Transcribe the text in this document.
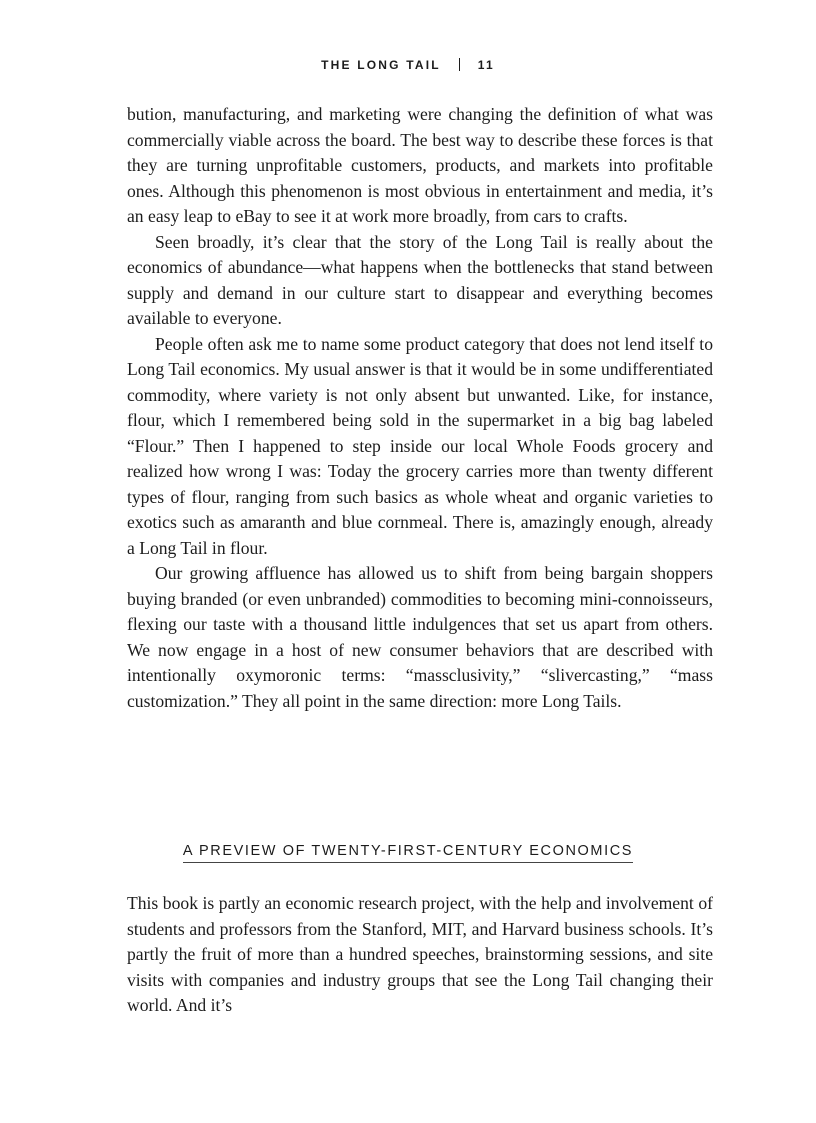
THE LONG TAIL	11

bution, manufacturing, and marketing were changing the definition of what was commercially viable across the board. The best way to describe these forces is that they are turning unprofitable customers, products, and markets into profitable ones. Although this phenomenon is most obvious in entertainment and media, it’s an easy leap to eBay to see it at work more broadly, from cars to crafts.

Seen broadly, it’s clear that the story of the Long Tail is really about the economics of abundance—what happens when the bottlenecks that stand between supply and demand in our culture start to disappear and everything becomes available to everyone.

People often ask me to name some product category that does not lend itself to Long Tail economics. My usual answer is that it would be in some undifferentiated commodity, where variety is not only absent but unwanted. Like, for instance, flour, which I remembered being sold in the supermarket in a big bag labeled “Flour.” Then I happened to step inside our local Whole Foods grocery and realized how wrong I was: Today the grocery carries more than twenty different types of flour, ranging from such basics as whole wheat and organic varieties to exotics such as amaranth and blue cornmeal. There is, amazingly enough, already a Long Tail in flour.

Our growing affluence has allowed us to shift from being bargain shoppers buying branded (or even unbranded) commodities to becoming mini-connoisseurs, flexing our taste with a thousand little indulgences that set us apart from others. We now engage in a host of new consumer behaviors that are described with intentionally oxymoronic terms: “massclusivity,” “slivercasting,” “mass customization.” They all point in the same direction: more Long Tails.

A PREVIEW OF TWENTY-FIRST-CENTURY ECONOMICS

This book is partly an economic research project, with the help and involvement of students and professors from the Stanford, MIT, and Harvard business schools. It’s partly the fruit of more than a hundred speeches, brainstorming sessions, and site visits with companies and industry groups that see the Long Tail changing their world. And it’s
